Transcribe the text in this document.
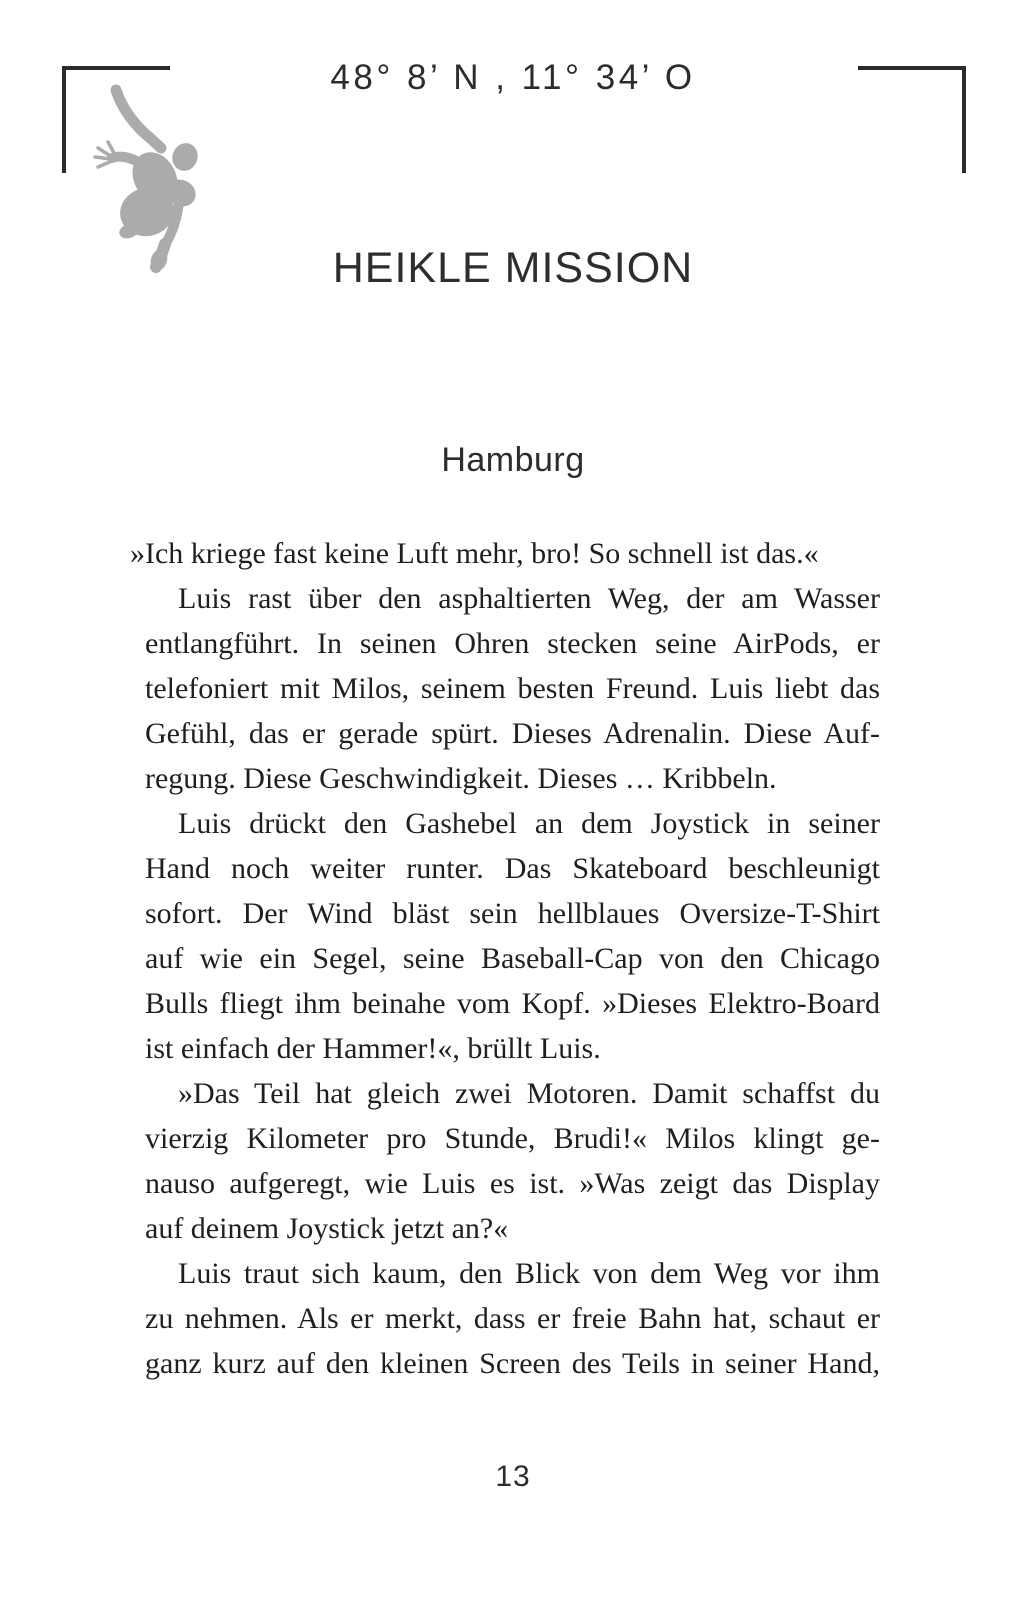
48° 8’ N , 11° 34’ O
HEIKLE MISSION
Hamburg
»Ich kriege fast keine Luft mehr, bro! So schnell ist das.«
Luis rast über den asphaltierten Weg, der am Wasser
entlangführt. In seinen Ohren stecken seine AirPods, er
telefoniert mit Milos, seinem besten Freund. Luis liebt das
Gefühl, das er gerade spürt. Dieses Adrenalin. Diese Auf-
regung. Diese Geschwindigkeit. Dieses … Kribbeln.
Luis drückt den Gashebel an dem Joystick in seiner
Hand noch weiter runter. Das Skateboard beschleunigt
sofort. Der Wind bläst sein hellblaues Oversize-T-Shirt
auf wie ein Segel, seine Baseball-Cap von den Chicago
Bulls fliegt ihm beinahe vom Kopf. »Dieses Elektro-Board
ist einfach der Hammer!«, brüllt Luis.
»Das Teil hat gleich zwei Motoren. Damit schaffst du
vierzig Kilometer pro Stunde, Brudi!« Milos klingt ge-
nauso aufgeregt, wie Luis es ist. »Was zeigt das Display
auf deinem Joystick jetzt an?«
Luis traut sich kaum, den Blick von dem Weg vor ihm
zu nehmen. Als er merkt, dass er freie Bahn hat, schaut er
ganz kurz auf den kleinen Screen des Teils in seiner Hand,
13
